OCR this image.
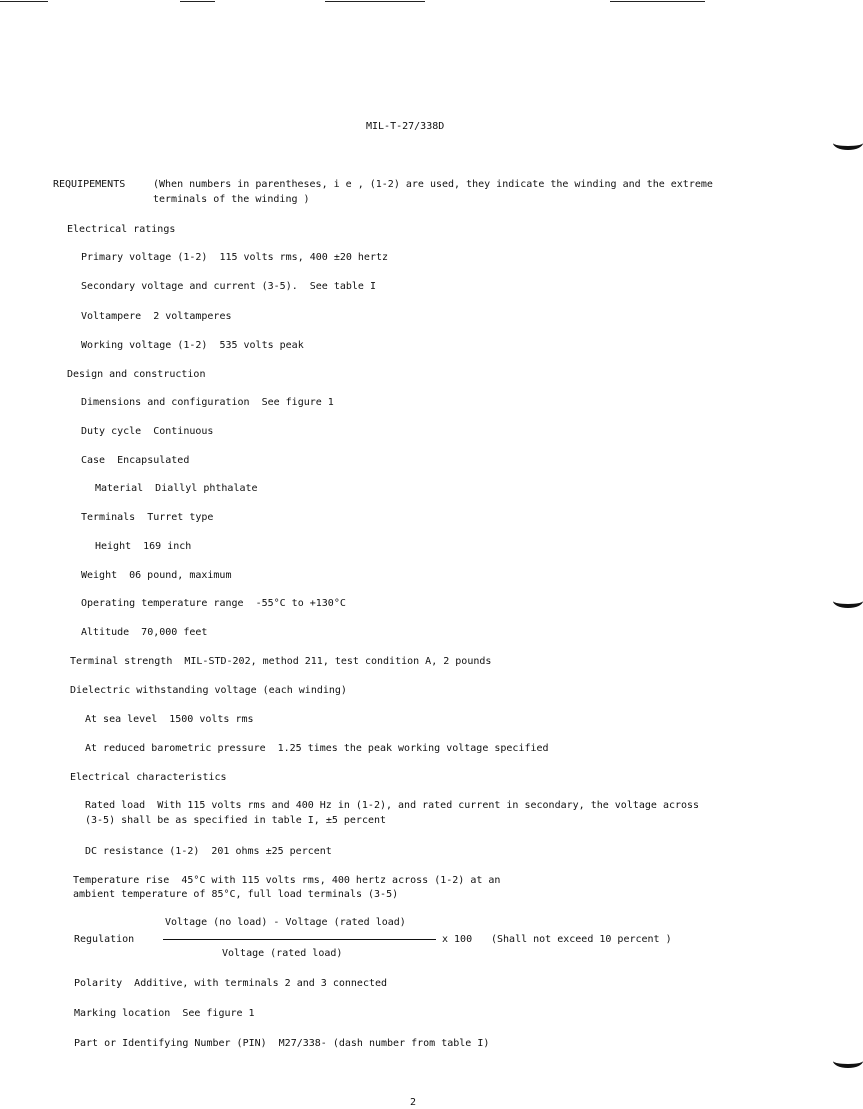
MIL-T-27/338D
REQUIPEMENTS	(When numbers in parentheses, i e , (1-2) are used, they indicate the winding and the extreme
terminals of the winding )
Electrical ratings
Primary voltage (1-2) 115 volts rms, 400 ±20 hertz
Secondary voltage and current (3-5). See table I
Voltampere 2 voltamperes
Working voltage (1-2) 535 volts peak
Design and construction
Dimensions and configuration See figure 1
Duty cycle Continuous
Case Encapsulated
Material Diallyl phthalate
Terminals Turret type
Height 169 inch
Weight 06 pound, maximum
Operating temperature range -55°C to +130°C
Altitude 70,000 feet
Terminal strength MIL-STD-202, method 211, test condition A, 2 pounds
Dielectric withstanding voltage (each winding)
At sea level 1500 volts rms
At reduced barometric pressure 1.25 times the peak working voltage specified
Electrical characteristics
Rated load With 115 volts rms and 400 Hz in (1-2), and rated current in secondary, the voltage across
(3-5) shall be as specified in table I, ±5 percent
DC resistance (1-2) 201 ohms ±25 percent
Temperature rise 45°C with 115 volts rms, 400 hertz across (1-2) at an
ambient temperature of 85°C, full load terminals (3-5)
Regulation
Voltage (no load) - Voltage (rated load)
Voltage (rated load)
x 100 (Shall not exceed 10 percent )
Polarity Additive, with terminals 2 and 3 connected
Marking location See figure 1
Part or Identifying Number (PIN) M27/338- (dash number from table I)
2
